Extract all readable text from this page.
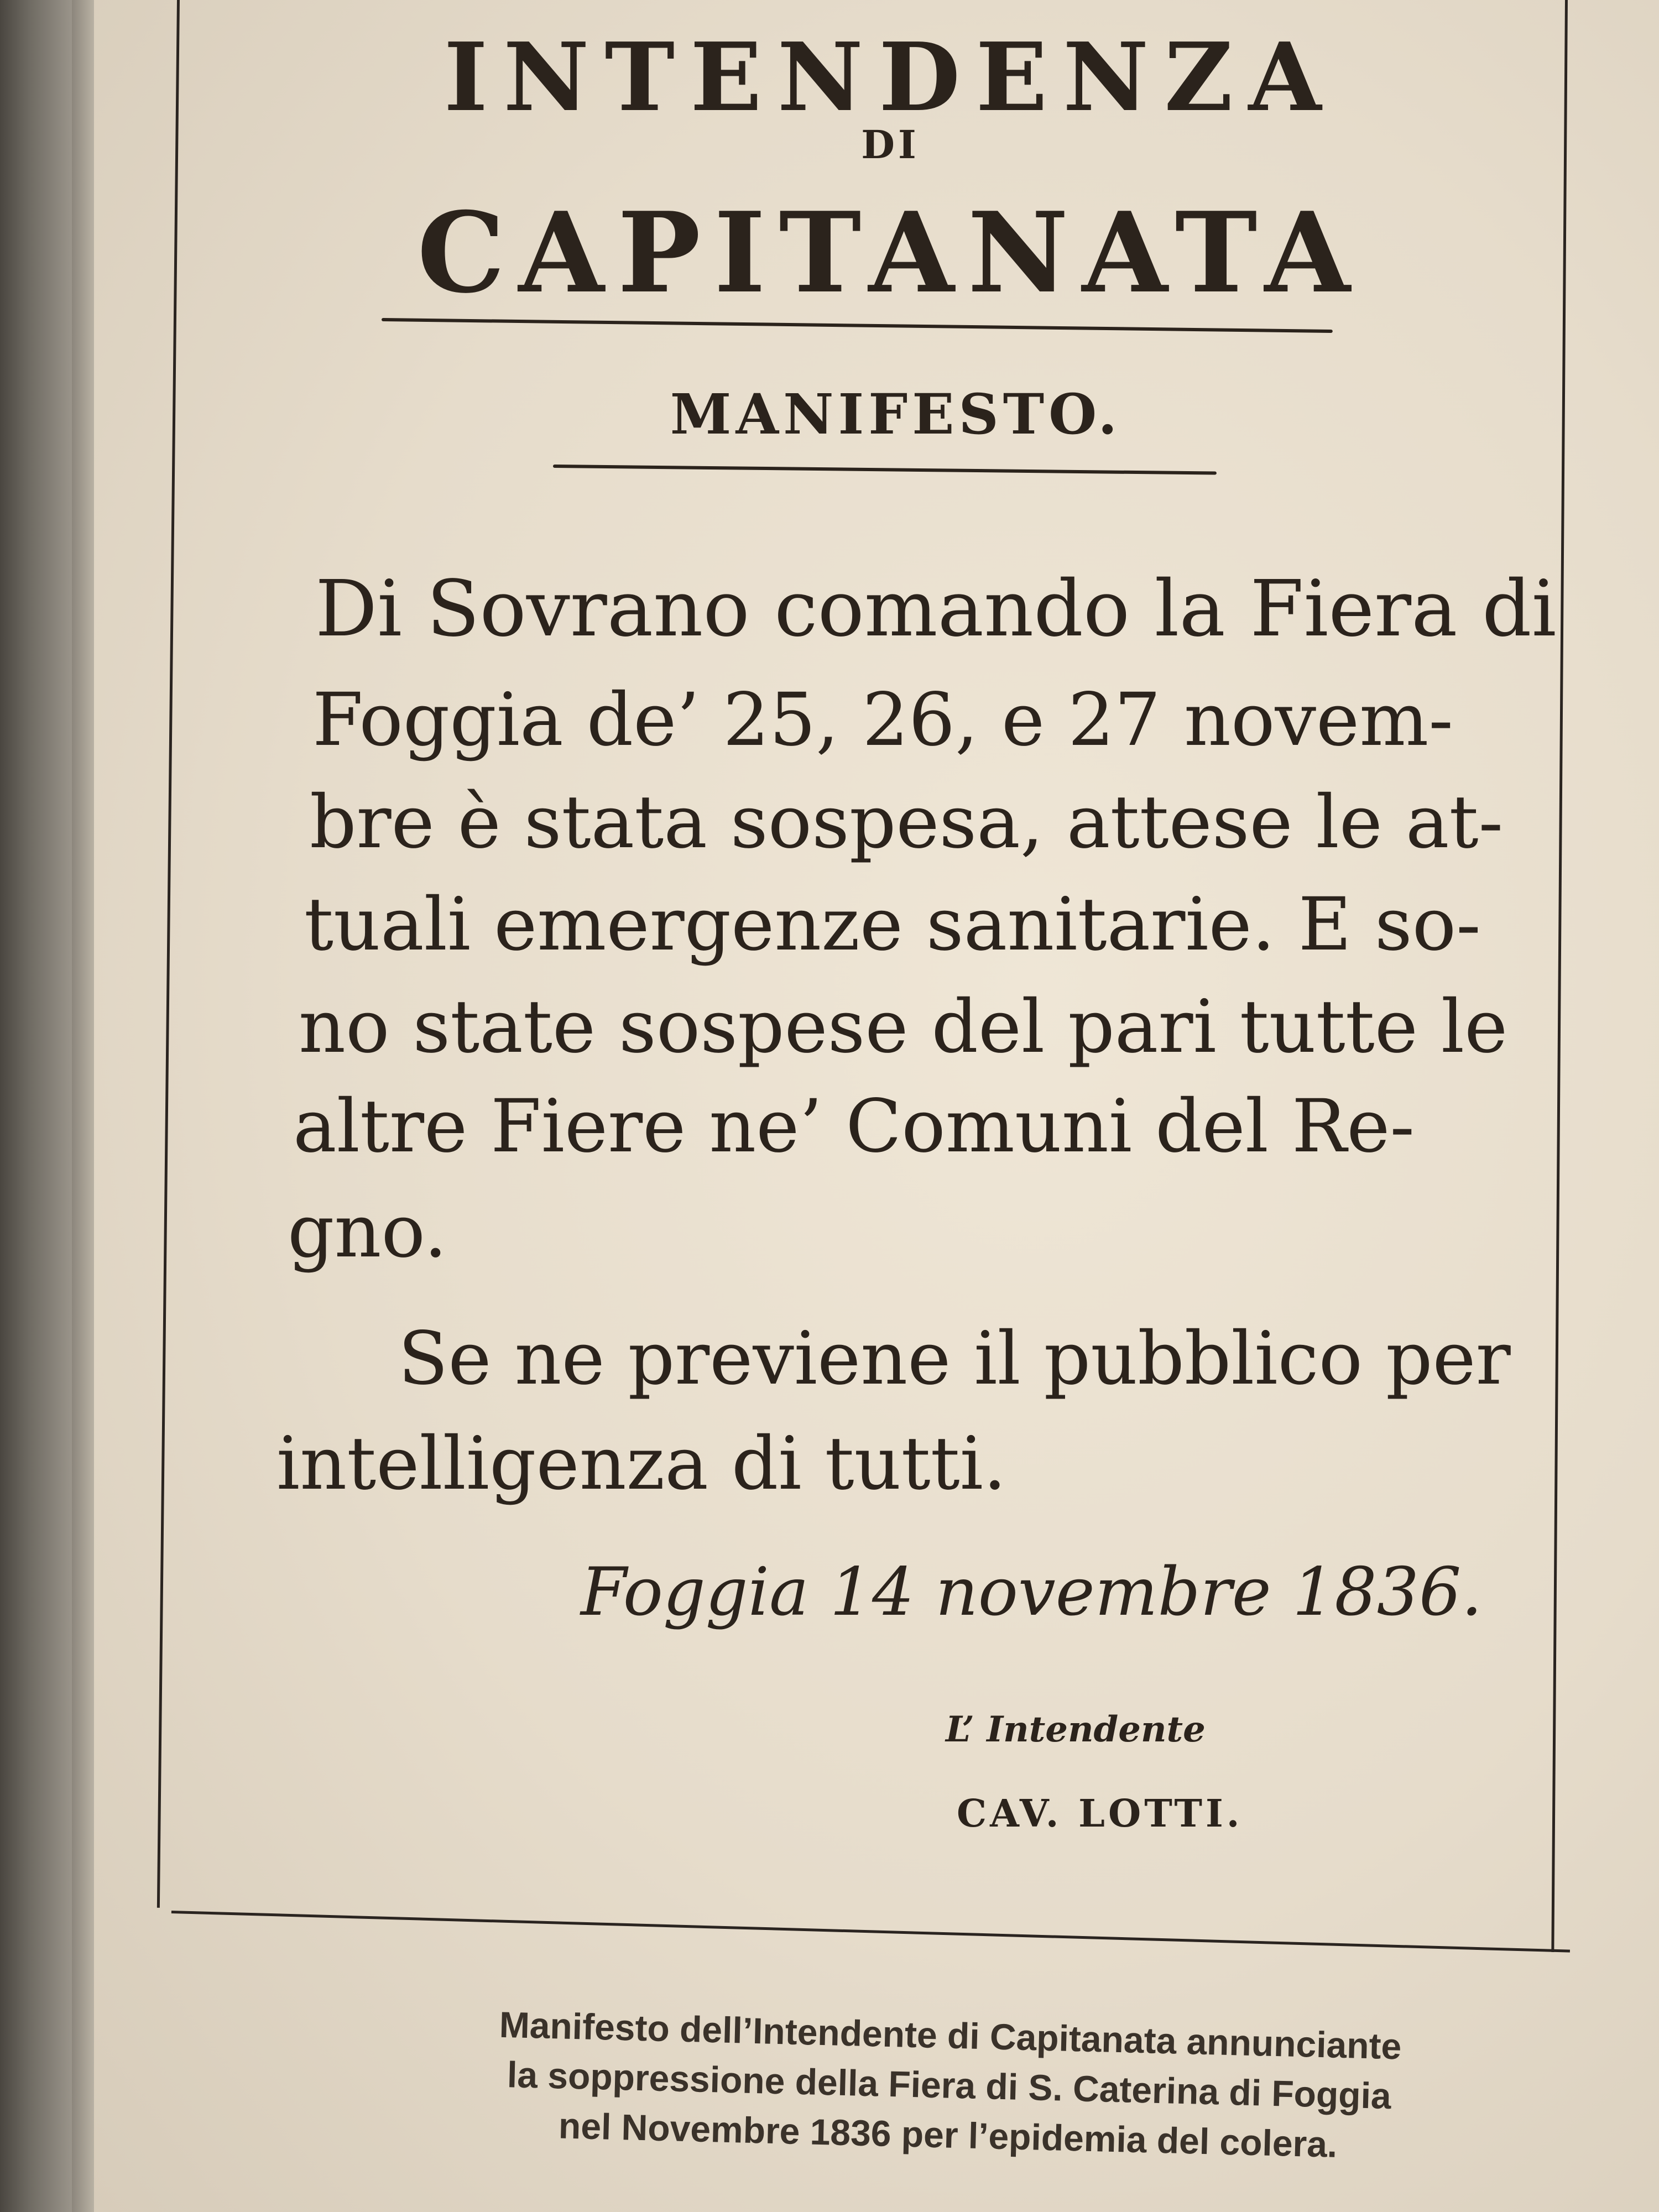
INTENDENZA
DI
CAPITANATA
MANIFESTO.
Di Sovrano comando la Fiera di
Foggia de’ 25, 26, e 27 novem-
bre è stata sospesa, attese le at-
tuali emergenze sanitarie. E so-
no state sospese del pari tutte le
altre Fiere ne’ Comuni del Re-
gno.
Se ne previene il pubblico per
intelligenza di tutti.
Foggia 14 novembre 1836.
L’ Intendente
CAV. LOTTI.
Manifesto dell’Intendente di Capitanata annunciante
la soppressione della Fiera di S. Caterina di Foggia
nel Novembre 1836 per l’epidemia del colera.
